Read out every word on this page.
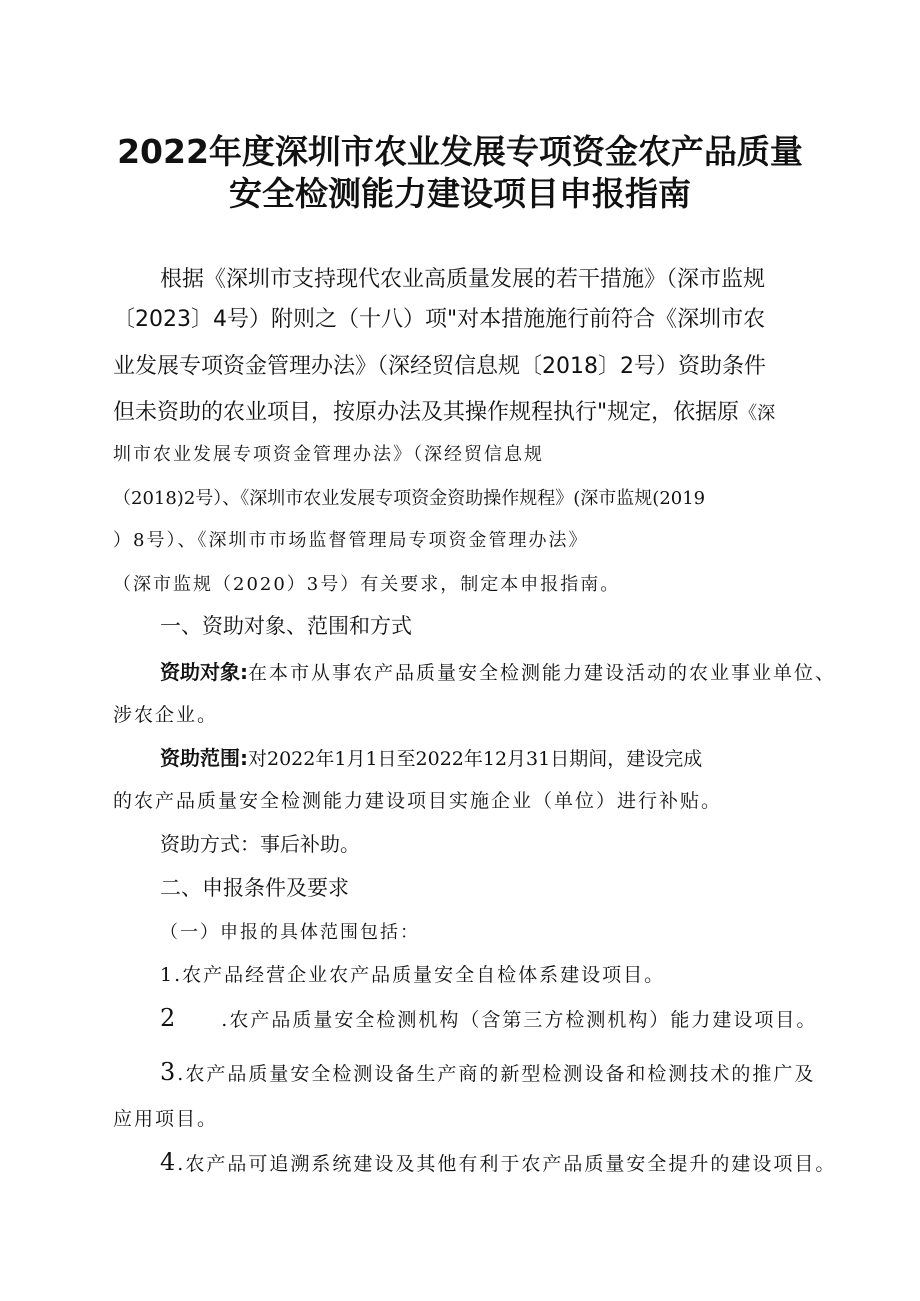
2022年度深圳市农业发展专项资金农产品质量
安全检测能力建设项目申报指南
根据《深圳市支持现代农业高质量发展的若干措施》（深市监规
〔2023〕4号）附则之（十八）项"对本措施施行前符合《深圳市农
业发展专项资金管理办法》（深经贸信息规〔2018〕2号）资助条件
但未资助的农业项目，按原办法及其操作规程执行"规定，依据原《深
圳市农业发展专项资金管理办法》（深经贸信息规
（2018)2号）、《深圳市农业发展专项资金资助操作规程》(深市监规(2019
）8号）、《深圳市市场监督管理局专项资金管理办法》
（深市监规（2020）3号）有关要求，制定本申报指南。
一、资助对象、范围和方式
资助对象:在本市从事农产品质量安全检测能力建设活动的农业事业单位、
涉农企业。
资助范围:对2022年1月1日至2022年12月31日期间，建设完成
的农产品质量安全检测能力建设项目实施企业（单位）进行补贴。
资助方式：事后补助。
二、申报条件及要求
（一）申报的具体范围包括：
1.农产品经营企业农产品质量安全自检体系建设项目。
2 .农产品质量安全检测机构（含第三方检测机构）能力建设项目。
3.农产品质量安全检测设备生产商的新型检测设备和检测技术的推广及
应用项目。
4.农产品可追溯系统建设及其他有利于农产品质量安全提升的建设项目。
